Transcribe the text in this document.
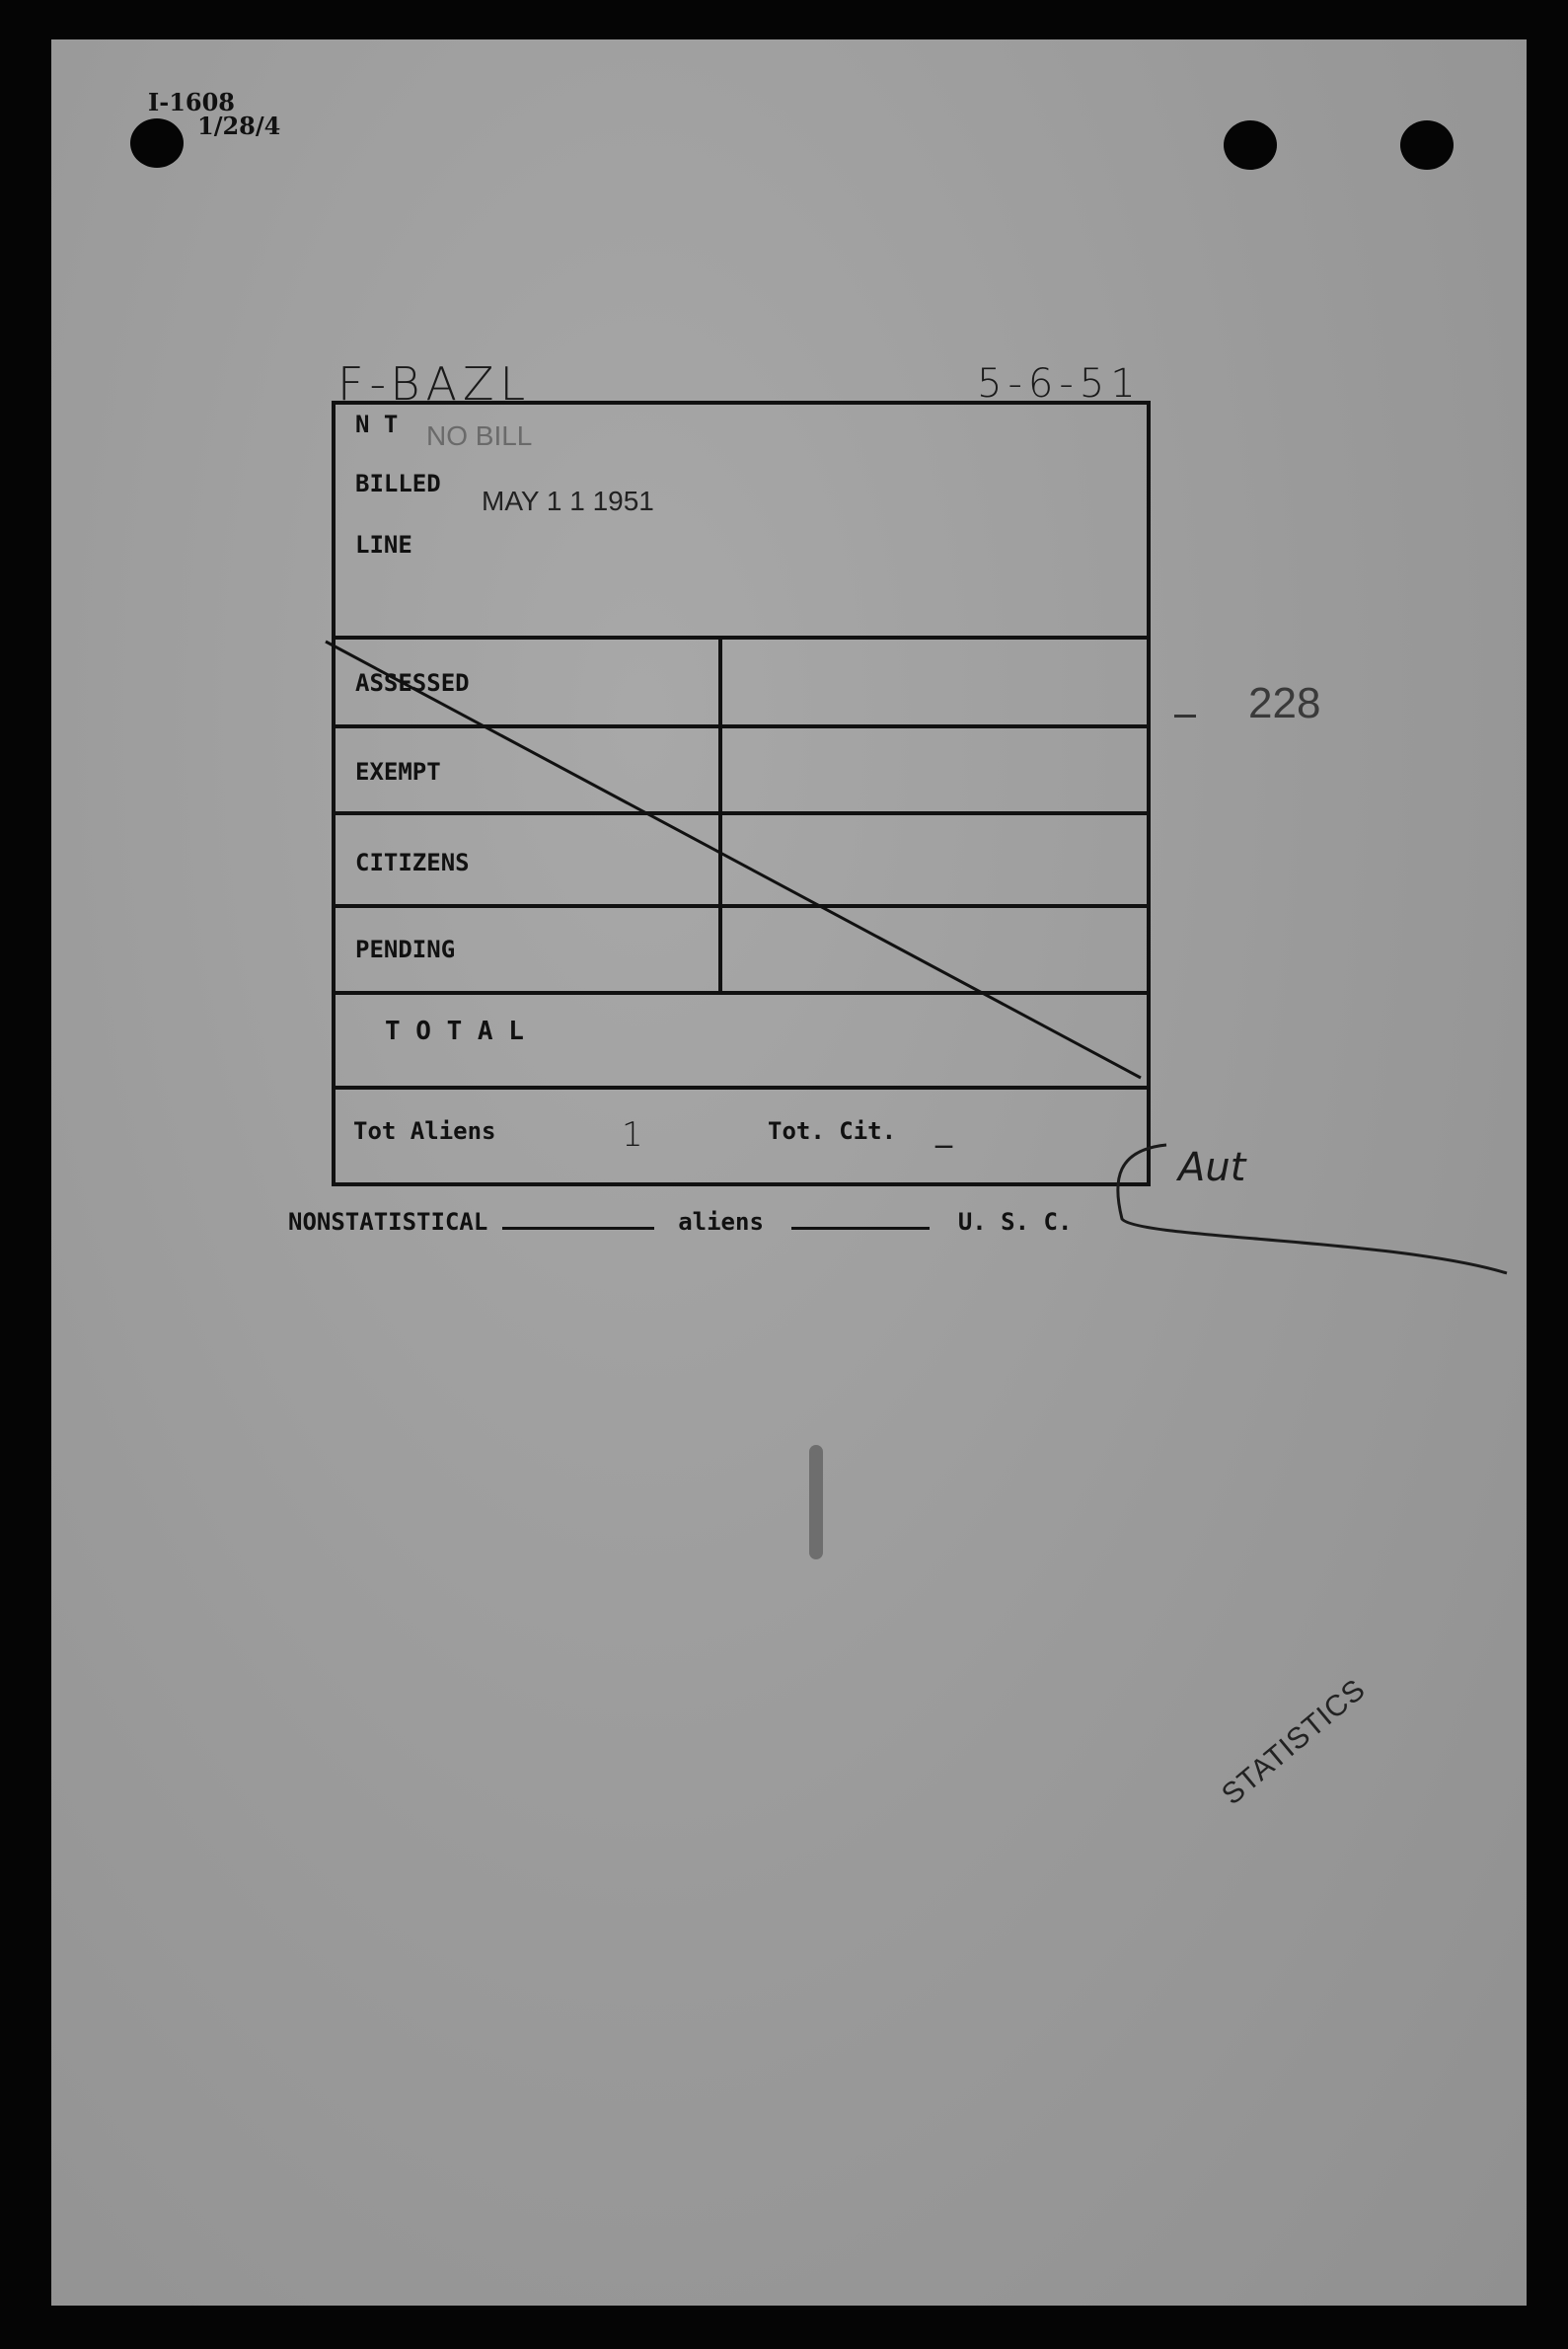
I-1608
1/28/4
F-BAZL	5-6-51
228
N T NO BILL
BILLED
MAY 1 1 1951
LINE
ASSESSED
EXEMPT
CITIZENS
PENDING
T O T A L
Tot Aliens	1	Tot. Cit. _
Aut
NONSTATISTICAL	aliens	U. S. C.
STATISTICS
